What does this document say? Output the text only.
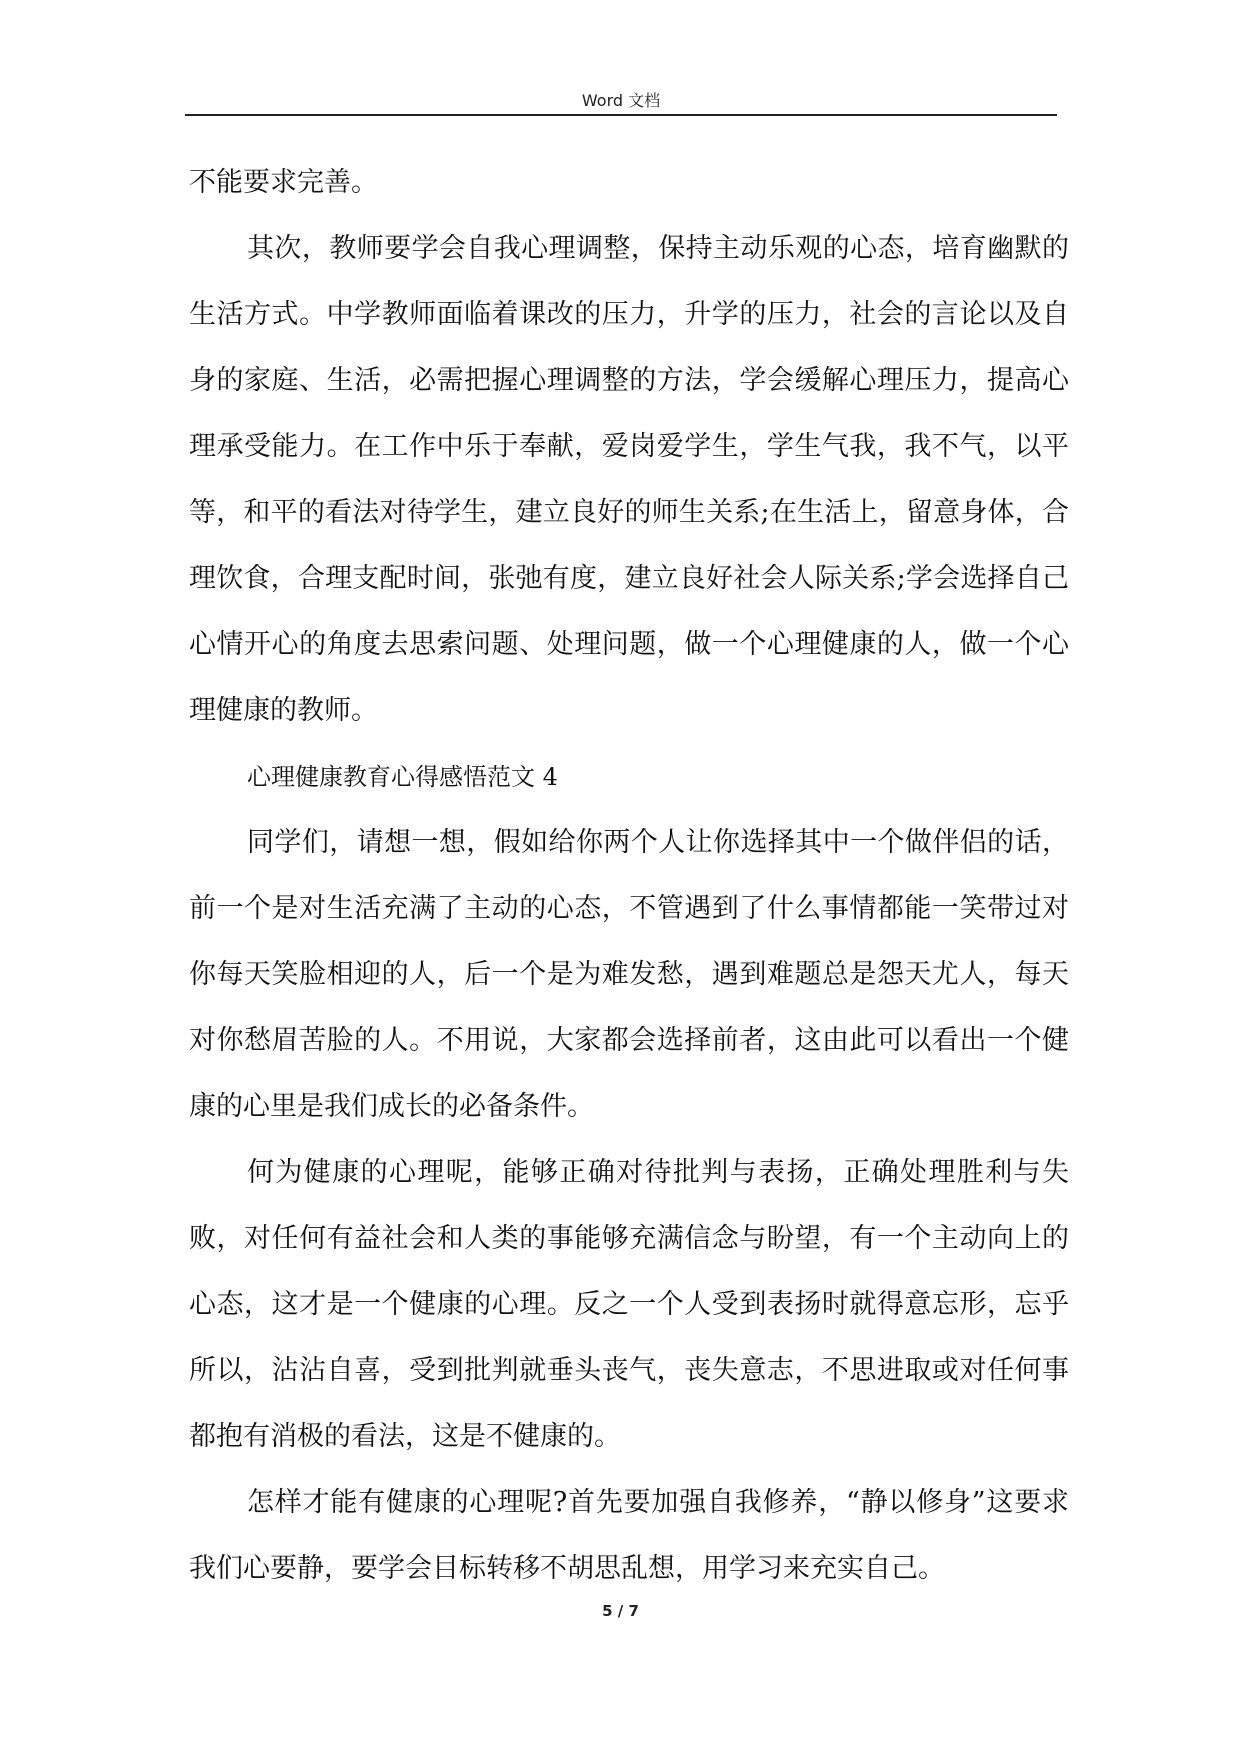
Word 文档

不能要求完善。

其次，教师要学会自我心理调整，保持主动乐观的心态，培育幽默的生活方式。中学教师面临着课改的压力，升学的压力，社会的言论以及自身的家庭、生活，必需把握心理调整的方法，学会缓解心理压力，提高心理承受能力。在工作中乐于奉献，爱岗爱学生，学生气我，我不气，以平等，和平的看法对待学生，建立良好的师生关系;在生活上，留意身体，合理饮食，合理支配时间，张弛有度，建立良好社会人际关系;学会选择自己心情开心的角度去思索问题、处理问题，做一个心理健康的人，做一个心理健康的教师。

心理健康教育心得感悟范文 4

同学们，请想一想，假如给你两个人让你选择其中一个做伴侣的话，前一个是对生活充满了主动的心态，不管遇到了什么事情都能一笑带过对你每天笑脸相迎的人，后一个是为难发愁，遇到难题总是怨天尤人，每天对你愁眉苦脸的人。不用说，大家都会选择前者，这由此可以看出一个健康的心里是我们成长的必备条件。

何为健康的心理呢，能够正确对待批判与表扬，正确处理胜利与失败，对任何有益社会和人类的事能够充满信念与盼望，有一个主动向上的心态，这才是一个健康的心理。反之一个人受到表扬时就得意忘形，忘乎所以，沾沾自喜，受到批判就垂头丧气，丧失意志，不思进取或对任何事都抱有消极的看法，这是不健康的。

怎样才能有健康的心理呢?首先要加强自我修养，“静以修身”这要求我们心要静，要学会目标转移不胡思乱想，用学习来充实自己。

5 / 7
